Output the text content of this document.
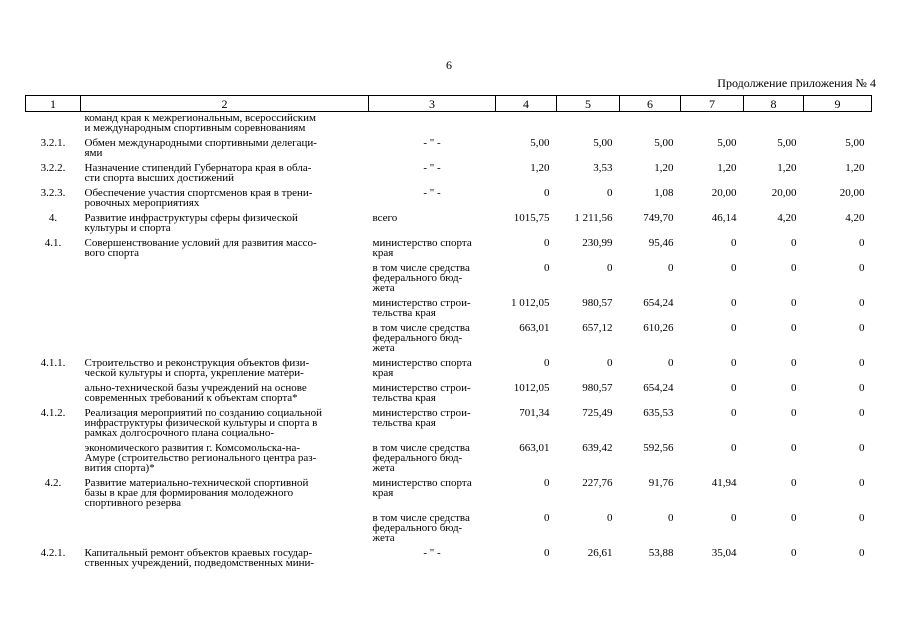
6
Продолжение приложения № 4
1	2	3	4	5	6	7	8	9

	команд края к межрегиональным, всероссийским
и международным спортивным соревнованиям							

3.2.1.	Обмен международными спортивными делегаци-
ями	- " -	5,00	5,00	5,00	5,00	5,00	5,00

3.2.2.	Назначение стипендий Губернатора края в обла-
сти спорта высших достижений	- " -	1,20	3,53	1,20	1,20	1,20	1,20

3.2.3.	Обеспечение участия спортсменов края в трени-
ровочных мероприятиях	- " -	0	0	1,08	20,00	20,00	20,00

4.	Развитие инфраструктуры сферы физической
культуры и спорта	всего	1015,75	1 211,56	749,70	46,14	4,20	4,20

4.1.	Совершенствование условий для развития массо-
вого спорта	министерство спорта
края	0	230,99	95,46	0	0	0

		в том числе средства
федерального бюд-
жета	0	0	0	0	0	0

		министерство строи-
тельства края	1 012,05	980,57	654,24	0	0	0

		в том числе средства
федерального бюд-
жета	663,01	657,12	610,26	0	0	0

4.1.1.	Строительство и реконструкция объектов физи-
ческой культуры и спорта, укрепление матери-	министерство спорта
края	0	0	0	0	0	0

	ально-технической базы учреждений на основе
современных требований к объектам спорта*	министерство строи-
тельства края	1012,05	980,57	654,24	0	0	0

4.1.2.	Реализация мероприятий по созданию социальной
инфраструктуры физической культуры и спорта в
рамках долгосрочного плана социально-	министерство строи-
тельства края	701,34	725,49	635,53	0	0	0

	экономического развития г. Комсомольска-на-
Амуре (строительство регионального центра раз-
вития спорта)*	в том числе средства
федерального бюд-
жета	663,01	639,42	592,56	0	0	0

4.2.	Развитие материально-технической спортивной
базы в крае для формирования молодежного
спортивного резерва	министерство спорта
края	0	227,76	91,76	41,94	0	0

		в том числе средства
федерального бюд-
жета	0	0	0	0	0	0

4.2.1.	Капитальный ремонт объектов краевых государ-
ственных учреждений, подведомственных мини-	- " -	0	26,61	53,88	35,04	0	0
